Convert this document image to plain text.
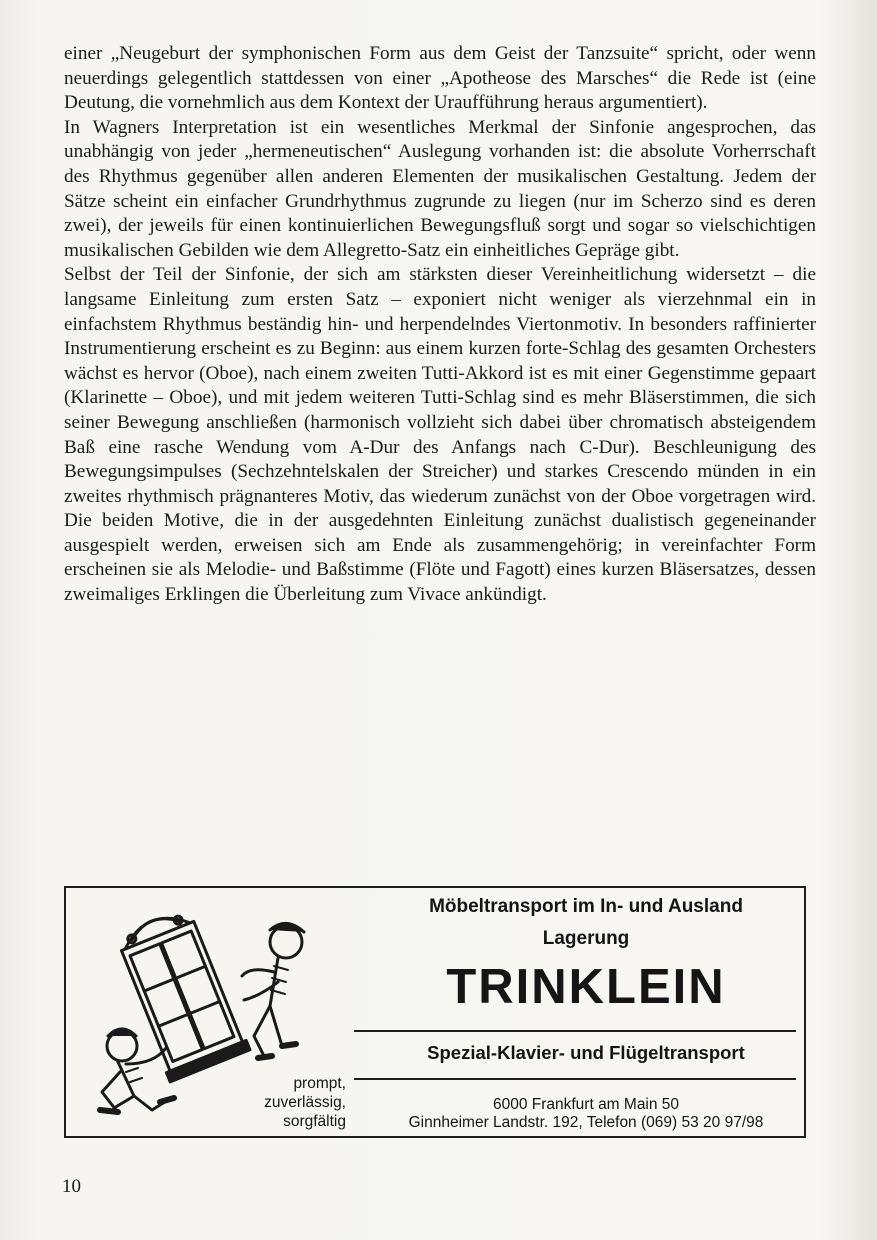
einer „Neugeburt der symphonischen Form aus dem Geist der Tanzsuite“ spricht, oder wenn neuerdings gelegentlich stattdessen von einer „Apotheose des Marsches“ die Rede ist (eine Deutung, die vornehmlich aus dem Kontext der Uraufführung heraus argumentiert).

In Wagners Interpretation ist ein wesentliches Merkmal der Sinfonie angesprochen, das unabhängig von jeder „hermeneutischen“ Auslegung vorhanden ist: die absolute Vorherrschaft des Rhythmus gegenüber allen anderen Elementen der musikalischen Gestaltung. Jedem der Sätze scheint ein einfacher Grundrhythmus zugrunde zu liegen (nur im Scherzo sind es deren zwei), der jeweils für einen kontinuierlichen Bewegungsfluß sorgt und sogar so vielschichtigen musikalischen Gebilden wie dem Allegretto-Satz ein einheitliches Gepräge gibt.

Selbst der Teil der Sinfonie, der sich am stärksten dieser Vereinheitlichung widersetzt – die langsame Einleitung zum ersten Satz – exponiert nicht weniger als vierzehnmal ein in einfachstem Rhythmus beständig hin- und herpendelndes Viertonmotiv. In besonders raffinierter Instrumentierung erscheint es zu Beginn: aus einem kurzen forte-Schlag des gesamten Orchesters wächst es hervor (Oboe), nach einem zweiten Tutti-Akkord ist es mit einer Gegenstimme gepaart (Klarinette – Oboe), und mit jedem weiteren Tutti-Schlag sind es mehr Bläserstimmen, die sich seiner Bewegung anschließen (harmonisch vollzieht sich dabei über chromatisch absteigendem Baß eine rasche Wendung vom A-Dur des Anfangs nach C-Dur). Beschleunigung des Bewegungsimpulses (Sechzehntelskalen der Streicher) und starkes Crescendo münden in ein zweites rhythmisch prägnanteres Motiv, das wiederum zunächst von der Oboe vorgetragen wird. Die beiden Motive, die in der ausgedehnten Einleitung zunächst dualistisch gegeneinander ausgespielt werden, erweisen sich am Ende als zusammengehörig; in vereinfachter Form erscheinen sie als Melodie- und Baßstimme (Flöte und Fagott) eines kurzen Bläsersatzes, dessen zweimaliges Erklingen die Überleitung zum Vivace ankündigt.

Möbeltransport im In- und Ausland
Lagerung
TRINKLEIN
Spezial-Klavier- und Flügeltransport
prompt,
zuverlässig,
sorgfältig
6000 Frankfurt am Main 50
Ginnheimer Landstr. 192, Telefon (069) 53 20 97/98
10
